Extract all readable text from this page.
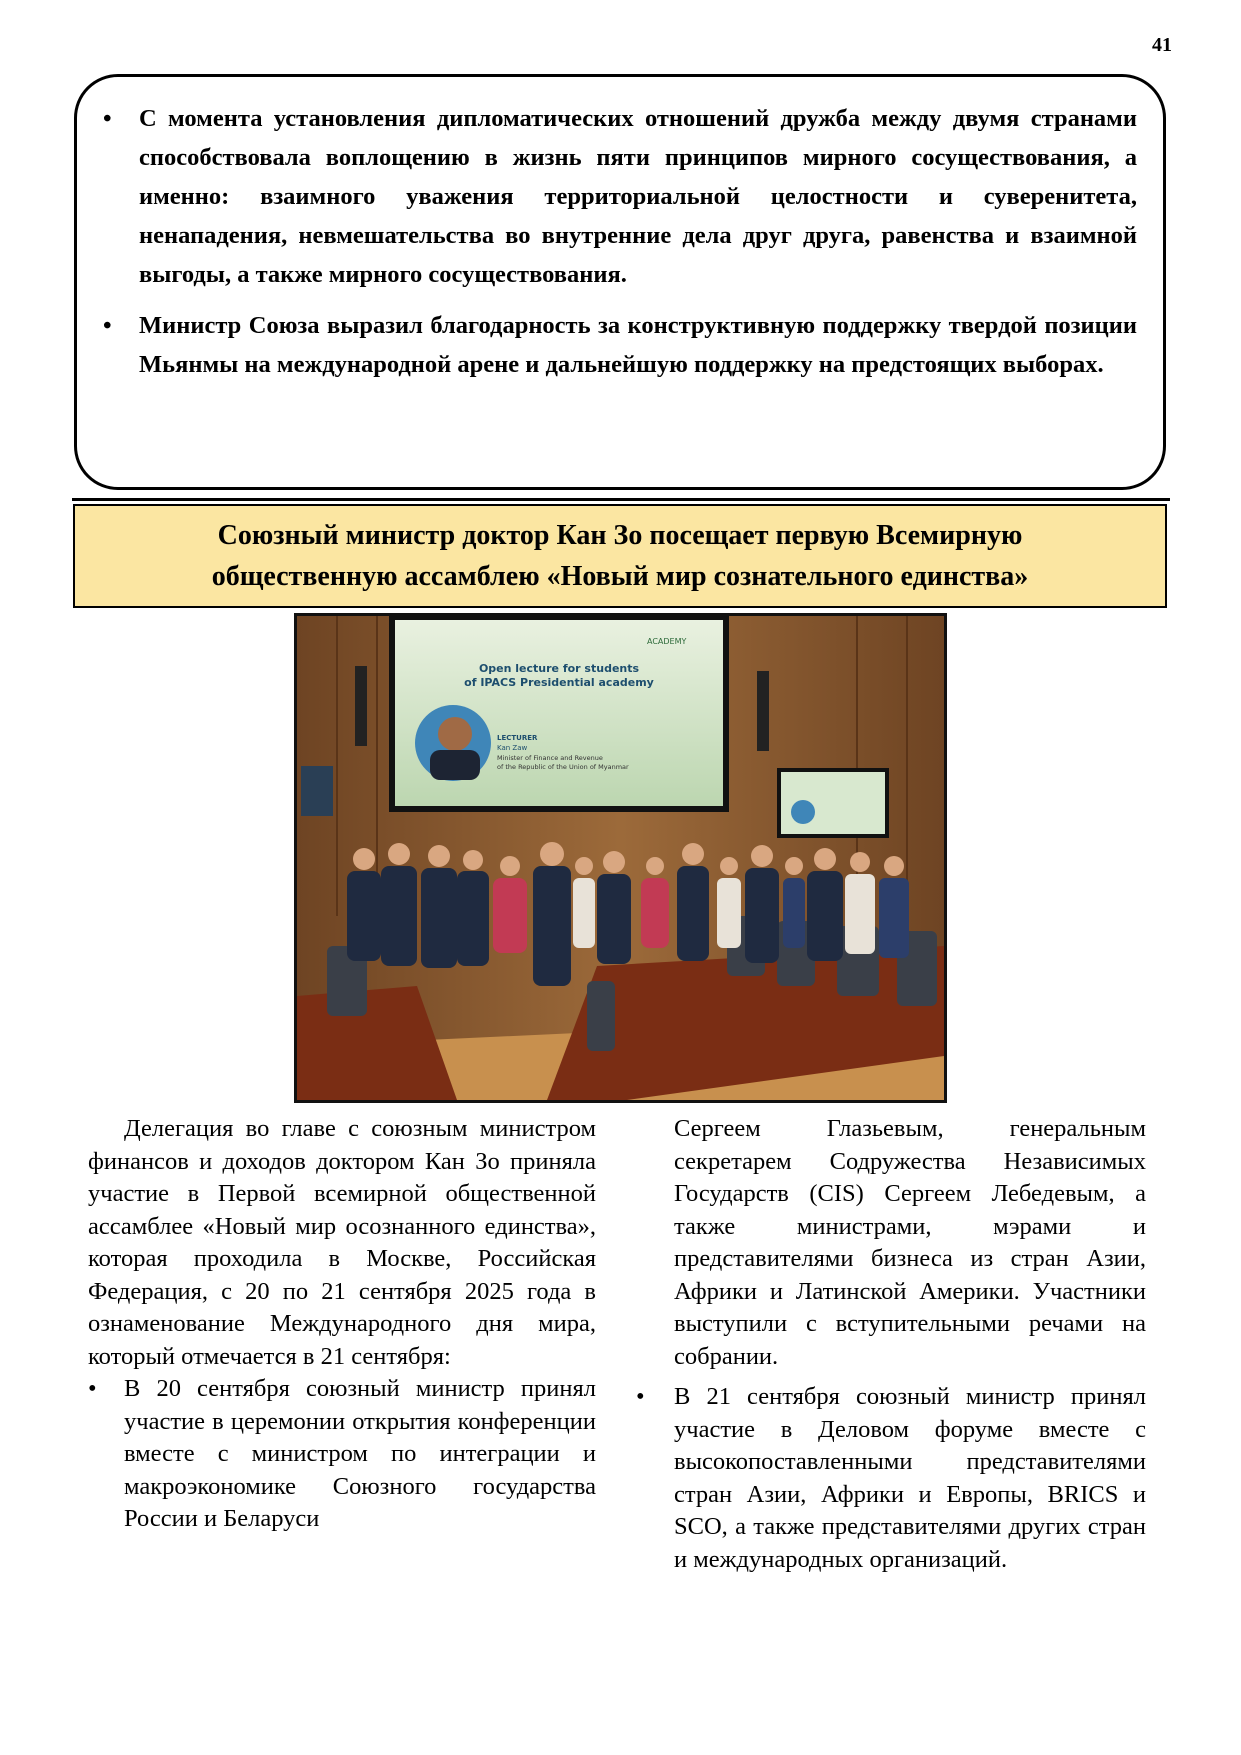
41

• С момента установления дипломатических отношений дружба между двумя странами способствовала воплощению в жизнь пяти принципов мирного сосуществования, а именно: взаимного уважения территориальной целостности и суверенитета, ненападения, невмешательства во внутренние дела друг друга, равенства и взаимной выгоды, а также мирного сосуществования.

• Министр Союза выразил благодарность за конструктивную поддержку твердой позиции Мьянмы на международной арене и дальнейшую поддержку на предстоящих выборах.

Союзный министр доктор Кан Зо посещает первую Всемирную
общественную ассамблею «Новый мир сознательного единства»
ACADEMY
Open lecture for students
of IPACS Presidential academy
LECTURER
Kan Zaw
Minister of Finance and Revenue
of the Republic of the Union of Myanmar

Делегация во главе с союзным министром финансов и доходов доктором Кан Зо приняла участие в Первой всемирной общественной ассамблее «Новый мир осознанного единства», которая проходила в Москве, Российская Федерация, с 20 по 21 сентября 2025 года в ознаменование Международного дня мира, который отмечается в 21 сентября:

• В 20 сентября союзный министр принял участие в церемонии открытия конференции вместе с министром по интеграции и макроэкономике Союзного государства России и Беларуси

Сергеем Глазьевым, генеральным секретарем Содружества Независимых Государств (CIS) Сергеем Лебедевым, а также министрами, мэрами и представителями бизнеса из стран Азии, Африки и Латинской Америки. Участники выступили с вступительными речами на собрании.

• В 21 сентября союзный министр принял участие в Деловом форуме вместе с высокопоставленными представителями стран Азии, Африки и Европы, BRICS и SCO, а также представителями других стран и международных организаций.
